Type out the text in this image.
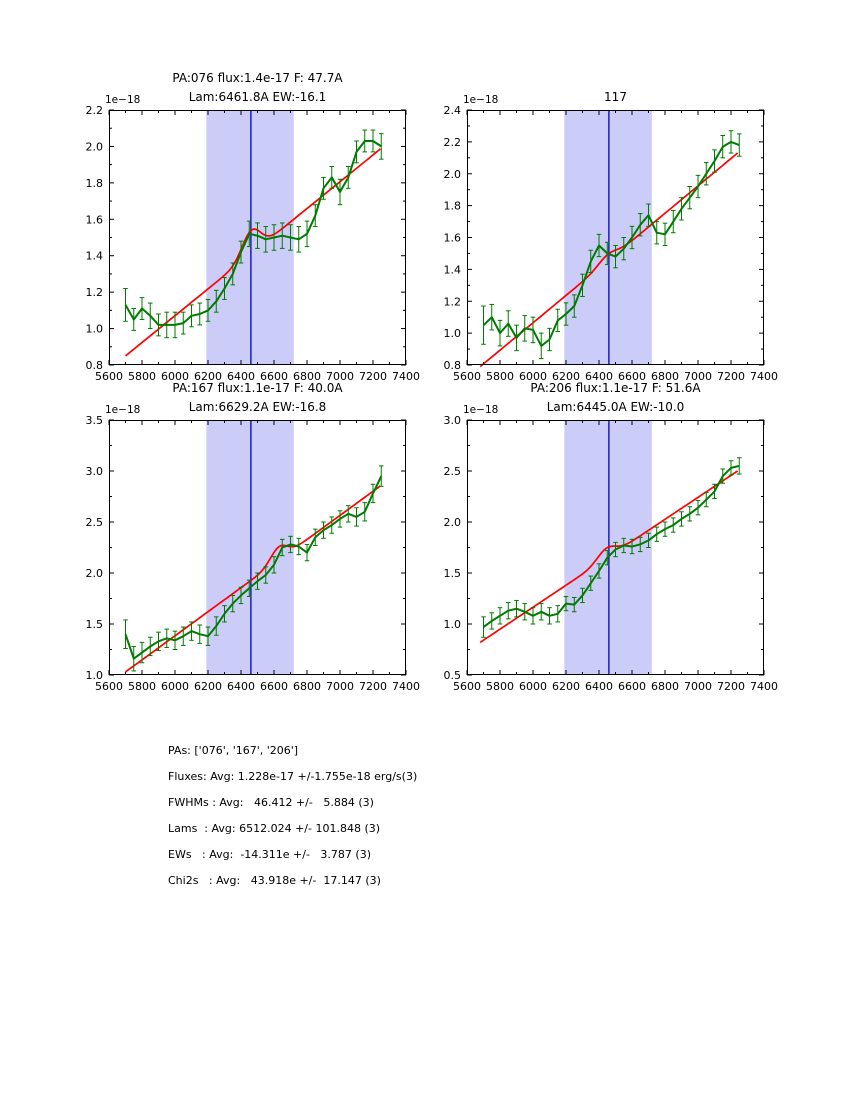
PA:076 flux:1.4e-17 F: 47.7A
Lam:6461.8A EW:-16.1
1e−18
5600 5800 6000 6200 6400 6600 6800 7000 7200 7400
0.8
1.0
1.2
1.4
1.6
1.8
2.0
2.2
117
1e−18
5600 5800 6000 6200 6400 6600 6800 7000 7200 7400
0.8
1.0
1.2
1.4
1.6
1.8
2.0
2.2
2.4
PA:167 flux:1.1e-17 F: 40.0A
Lam:6629.2A EW:-16.8
1e−18
5600 5800 6000 6200 6400 6600 6800 7000 7200 7400
1.0
1.5
2.0
2.5
3.0
3.5
PA:206 flux:1.1e-17 F: 51.6A
Lam:6445.0A EW:-10.0
1e−18
5600 5800 6000 6200 6400 6600 6800 7000 7200 7400
0.5
1.0
1.5
2.0
2.5
3.0
PAs: ['076', '167', '206']
Fluxes: Avg: 1.228e-17 +/-1.755e-18 erg/s(3)
FWHMs : Avg:   46.412 +/-   5.884 (3)
Lams  : Avg: 6512.024 +/- 101.848 (3)
EWs   : Avg:  -14.311e +/-   3.787 (3)
Chi2s   : Avg:   43.918e +/-  17.147 (3)
